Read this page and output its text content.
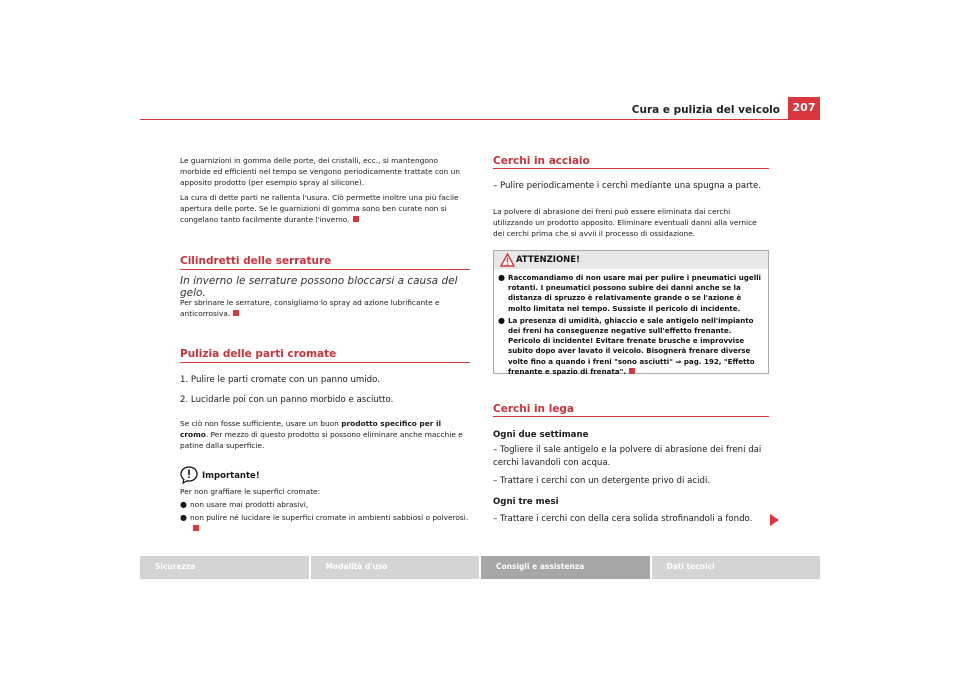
Cura e pulizia del veicolo	207
Le guarnizioni in gomma delle porte, dei cristalli, ecc., si mantengono morbide ed efficienti nel tempo se vengono periodicamente trattate con un apposito prodotto (per esempio spray al silicone).
La cura di dette parti ne rallenta l'usura. Ciò permette inoltre una più facile apertura delle porte. Se le guarnizioni di gomma sono ben curate non si congelano tanto facilmente durante l'inverno.
Cilindretti delle serrature
In inverno le serrature possono bloccarsi a causa del gelo.
Per sbrinare le serrature, consigliamo lo spray ad azione lubrificante e anticorrosiva.
Pulizia delle parti cromate
1. Pulire le parti cromate con un panno umido.
2. Lucidarle poi con un panno morbido e asciutto.
Se ciò non fosse sufficiente, usare un buon prodotto specifico per il cromo. Per mezzo di questo prodotto si possono eliminare anche macchie e patine dalla superficie.
Importante!
Per non graffiare le superfici cromate:
● non usare mai prodotti abrasivi,
● non pulire né lucidare le superfici cromate in ambienti sabbiosi o polverosi.
Cerchi in acciaio
– Pulire periodicamente i cerchi mediante una spugna a parte.
La polvere di abrasione dei freni può essere eliminata dai cerchi utilizzando un prodotto apposito. Eliminare eventuali danni alla vernice dei cerchi prima che si avvii il processo di ossidazione.
ATTENZIONE!
● Raccomandiamo di non usare mai per pulire i pneumatici ugelli rotanti. I pneumatici possono subire dei danni anche se la distanza di spruzzo è relativamente grande o se l'azione è molto limitata nel tempo. Sussiste il pericolo di incidente.
● La presenza di umidità, ghiaccio e sale antigelo nell'impianto dei freni ha conseguenze negative sull'effetto frenante. Pericolo di incidente! Evitare frenate brusche e improvvise subito dopo aver lavato il veicolo. Bisognerà frenare diverse volte fino a quando i freni "sono asciutti" ⇒ pag. 192, "Effetto frenante e spazio di frenata".
Cerchi in lega
Ogni due settimane
– Togliere il sale antigelo e la polvere di abrasione dei freni dai cerchi lavandoli con acqua.
– Trattare i cerchi con un detergente privo di acidi.
Ogni tre mesi
– Trattare i cerchi con della cera solida strofinandoli a fondo.
Sicurezza	Modalità d'uso	Consigli e assistenza	Dati tecnici
